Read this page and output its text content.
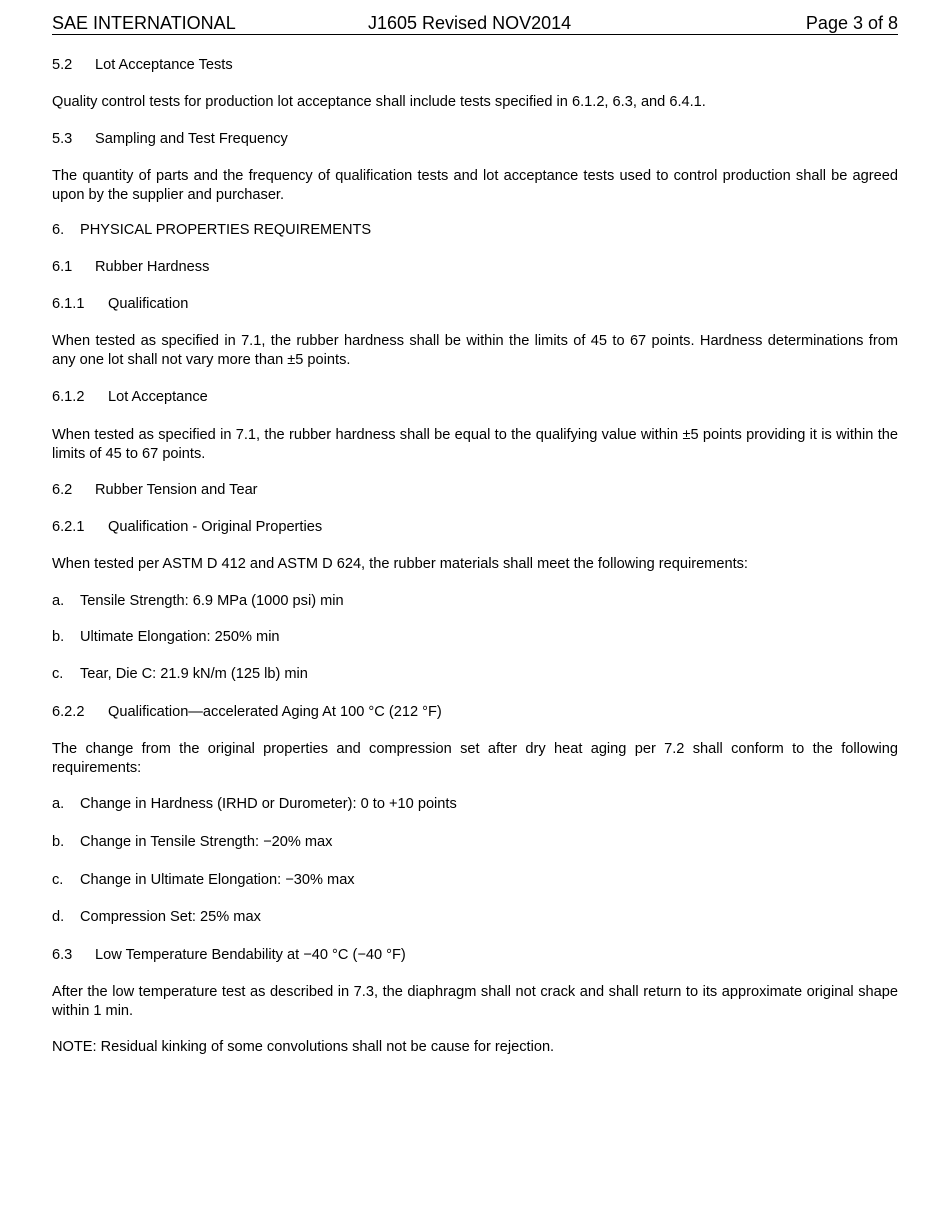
SAE INTERNATIONAL	J1605 Revised NOV2014	Page 3 of 8
5.2 Lot Acceptance Tests

Quality control tests for production lot acceptance shall include tests specified in 6.1.2, 6.3, and 6.4.1.

5.3 Sampling and Test Frequency

The quantity of parts and the frequency of qualification tests and lot acceptance tests used to control production shall be agreed upon by the supplier and purchaser.

6. PHYSICAL PROPERTIES REQUIREMENTS
6.1 Rubber Hardness
6.1.1 Qualification

When tested as specified in 7.1, the rubber hardness shall be within the limits of 45 to 67 points. Hardness determinations from any one lot shall not vary more than ±5 points.

6.1.2 Lot Acceptance

When tested as specified in 7.1, the rubber hardness shall be equal to the qualifying value within ±5 points providing it is within the limits of 45 to 67 points.

6.2 Rubber Tension and Tear
6.2.1 Qualification - Original Properties

When tested per ASTM D 412 and ASTM D 624, the rubber materials shall meet the following requirements:

a. Tensile Strength: 6.9 MPa (1000 psi) min
b. Ultimate Elongation: 250% min
c. Tear, Die C: 21.9 kN/m (125 lb) min
6.2.2 Qualification—accelerated Aging At 100 °C (212 °F)

The change from the original properties and compression set after dry heat aging per 7.2 shall conform to the following requirements:

a. Change in Hardness (IRHD or Durometer): 0 to +10 points
b. Change in Tensile Strength: −20% max
c. Change in Ultimate Elongation: −30% max
d. Compression Set: 25% max
6.3 Low Temperature Bendability at −40 °C (−40 °F)

After the low temperature test as described in 7.3, the diaphragm shall not crack and shall return to its approximate original shape within 1 min.

NOTE: Residual kinking of some convolutions shall not be cause for rejection.
